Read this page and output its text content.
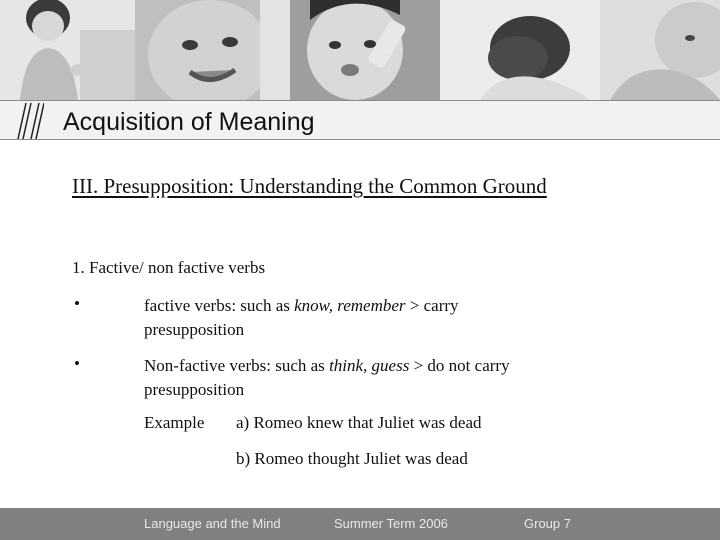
Acquisition of Meaning
III. Presupposition: Understanding the Common Ground
1. Factive/ non factive verbs
•	factive verbs: such as know, remember > carry
presupposition
•	Non-factive verbs: such as think, guess > do not carry
presupposition
Example a) Romeo knew that Juliet was dead
b) Romeo thought Juliet was dead
Language and the Mind	Summer Term 2006	Group 7
